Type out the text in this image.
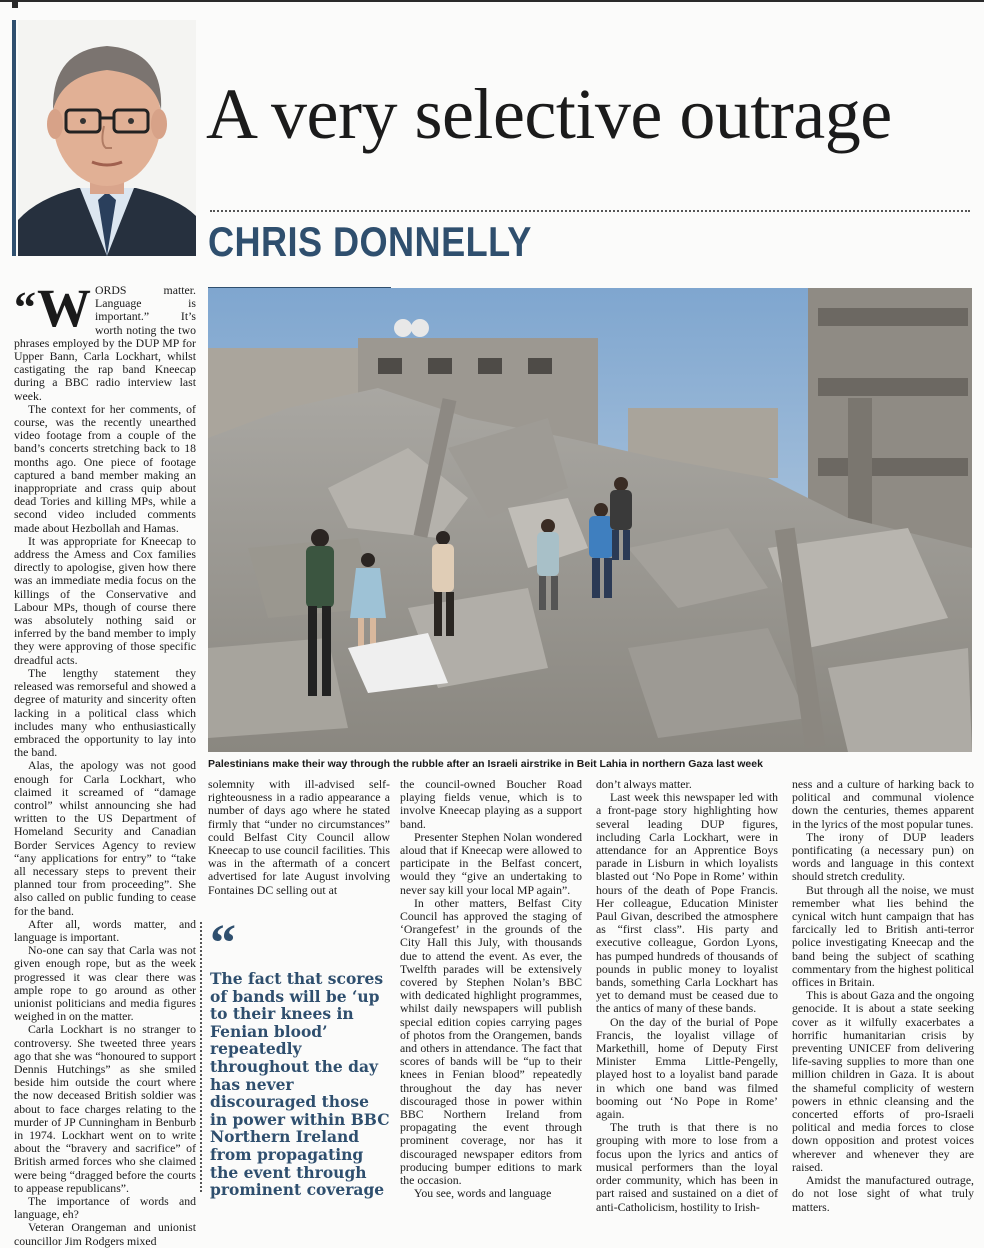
A very selective outrage
CHRIS DONNELLY

Palestinians make their way through the rubble after an Israeli airstrike in Beit Lahia in northern Gaza last week

“W ORDS matter. Language is important.” It’s worth noting the two phrases employed by the DUP MP for Upper Bann, Carla Lockhart, whilst castigating the rap band Kneecap during a BBC radio interview last week.

The context for her comments, of course, was the recently unearthed video footage from a couple of the band’s concerts stretching back to 18 months ago. One piece of footage captured a band member making an inappropriate and crass quip about dead Tories and killing MPs, while a second video included comments made about Hezbollah and Hamas.

It was appropriate for Kneecap to address the Amess and Cox families directly to apologise, given how there was an immediate media focus on the killings of the Conservative and Labour MPs, though of course there was absolutely nothing said or inferred by the band member to imply they were approving of those specific dreadful acts.

The lengthy statement they released was remorseful and showed a degree of maturity and sincerity often lacking in a political class which includes many who enthusiastically embraced the opportunity to lay into the band.

Alas, the apology was not good enough for Carla Lockhart, who claimed it screamed of “damage control” whilst announcing she had written to the US Department of Homeland Security and Canadian Border Services Agency to review “any applications for entry” to “take all necessary steps to prevent their planned tour from proceeding”. She also called on public funding to cease for the band.

After all, words matter, and language is important.

No-one can say that Carla was not given enough rope, but as the week progressed it was clear there was ample rope to go around as other unionist politicians and media figures weighed in on the matter.

Carla Lockhart is no stranger to controversy. She tweeted three years ago that she was “honoured to support Dennis Hutchings” as she smiled beside him outside the court where the now deceased British soldier was about to face charges relating to the murder of JP Cunningham in Benburb in 1974. Lockhart went on to write about the “bravery and sacrifice” of British armed forces who she claimed were being “dragged before the courts to appease republicans”.

The importance of words and language, eh?

Veteran Orangeman and unionist councillor Jim Rodgers mixed

solemnity with ill-advised self-righteousness in a radio appearance a number of days ago where he stated firmly that “under no circumstances” could Belfast City Council allow Kneecap to use council facilities. This was in the aftermath of a concert advertised for late August involving Fontaines DC selling out at

“

The fact that scores of bands will be ‘up to their knees in Fenian blood’ repeatedly throughout the day has never discouraged those in power within BBC Northern Ireland from propagating the event through prominent coverage

the council-owned Boucher Road playing fields venue, which is to involve Kneecap playing as a support band.

Presenter Stephen Nolan wondered aloud that if Kneecap were allowed to participate in the Belfast concert, would they “give an undertaking to never say kill your local MP again”.

In other matters, Belfast City Council has approved the staging of ‘Orangefest’ in the grounds of the City Hall this July, with thousands due to attend the event. As ever, the Twelfth parades will be extensively covered by Stephen Nolan’s BBC with dedicated highlight programmes, whilst daily newspapers will publish special edition copies carrying pages of photos from the Orangemen, bands and others in attendance. The fact that scores of bands will be “up to their knees in Fenian blood” repeatedly throughout the day has never discouraged those in power within BBC Northern Ireland from propagating the event through prominent coverage, nor has it discouraged newspaper editors from producing bumper editions to mark the occasion.

You see, words and language

don’t always matter.

Last week this newspaper led with a front-page story highlighting how several leading DUP figures, including Carla Lockhart, were in attendance for an Apprentice Boys parade in Lisburn in which loyalists blasted out ‘No Pope in Rome’ within hours of the death of Pope Francis. Her colleague, Education Minister Paul Givan, described the atmosphere as “first class”. His party and executive colleague, Gordon Lyons, has pumped hundreds of thousands of pounds in public money to loyalist bands, something Carla Lockhart has yet to demand must be ceased due to the antics of many of these bands.

On the day of the burial of Pope Francis, the loyalist village of Markethill, home of Deputy First Minister Emma Little-Pengelly, played host to a loyalist band parade in which one band was filmed booming out ‘No Pope in Rome’ again.

The truth is that there is no grouping with more to lose from a focus upon the lyrics and antics of musical performers than the loyal order community, which has been in part raised and sustained on a diet of anti-Catholicism, hostility to Irish-

ness and a culture of harking back to political and communal violence down the centuries, themes apparent in the lyrics of the most popular tunes.

The irony of DUP leaders pontificating (a necessary pun) on words and language in this context should stretch credulity.

But through all the noise, we must remember what lies behind the cynical witch hunt campaign that has farcically led to British anti-terror police investigating Kneecap and the band being the subject of scathing commentary from the highest political offices in Britain.

This is about Gaza and the ongoing genocide. It is about a state seeking cover as it wilfully exacerbates a horrific humanitarian crisis by preventing UNICEF from delivering life-saving supplies to more than one million children in Gaza. It is about the shameful complicity of western powers in ethnic cleansing and the concerted efforts of pro-Israeli political and media forces to close down opposition and protest voices wherever and whenever they are raised.

Amidst the manufactured outrage, do not lose sight of what truly matters.
